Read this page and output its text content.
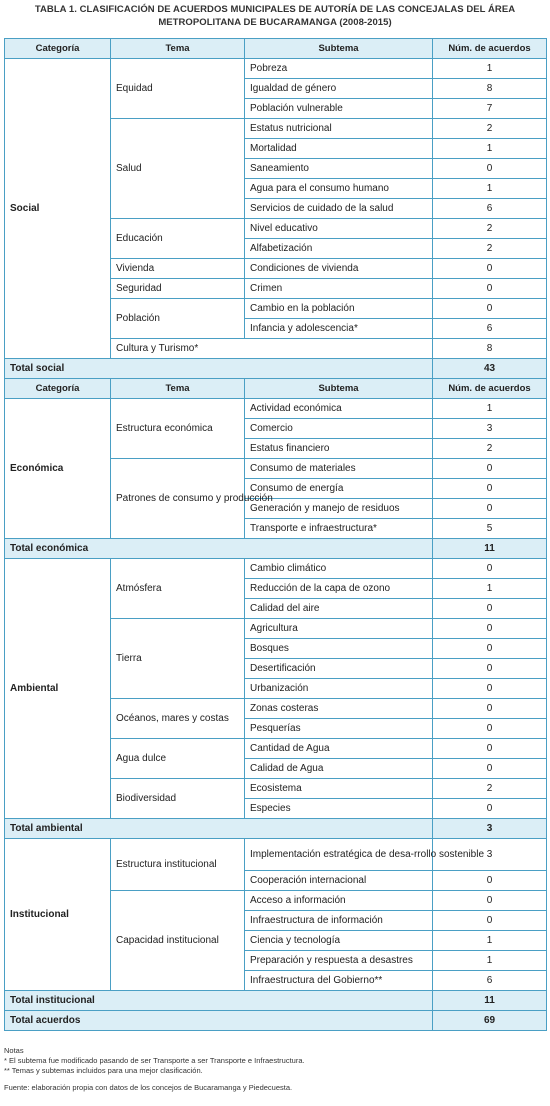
TABLA 1. CLASIFICACIÓN DE ACUERDOS MUNICIPALES DE AUTORÍA DE LAS CONCEJALAS DEL ÁREA
METROPOLITANA DE BUCARAMANGA (2008-2015)
Categoría	Tema	Subtema	Núm. de acuerdos
Social	Equidad	Pobreza	1
		Igualdad de género	8
		Población vulnerable	7
	Salud	Estatus nutricional	2
		Mortalidad	1
		Saneamiento	0
		Agua para el consumo humano	1
		Servicios de cuidado de la salud	6
	Educación	Nivel educativo	2
		Alfabetización	2
	Vivienda	Condiciones de vivienda	0
	Seguridad	Crimen	0
	Población	Cambio en la población	0
		Infancia y adolescencia*	6
	Cultura y Turismo*		8
Total social			43
Categoría	Tema	Subtema	Núm. de acuerdos
Económica	Estructura económica	Actividad económica	1
		Comercio	3
		Estatus financiero	2
	Patrones de consumo y producción	Consumo de materiales	0
		Consumo de energía	0
		Generación y manejo de residuos	0
		Transporte e infraestructura*	5
Total económica			11
Ambiental	Atmósfera	Cambio climático	0
		Reducción de la capa de ozono	1
		Calidad del aire	0
	Tierra	Agricultura	0
		Bosques	0
		Desertificación	0
		Urbanización	0
	Océanos, mares y costas	Zonas costeras	0
		Pesquerías	0
	Agua dulce	Cantidad de Agua	0
		Calidad de Agua	0
	Biodiversidad	Ecosistema	2
		Especies	0
Total ambiental			3
Institucional	Estructura institucional	Implementación estratégica de desa-rrollo sostenible	3
		Cooperación internacional	0
	Capacidad institucional	Acceso a información	0
		Infraestructura de información	0
		Ciencia y tecnología	1
		Preparación y respuesta a desastres	1
		Infraestructura del Gobierno**	6
Total institucional			11
Total acuerdos			69
Notas
* El subtema fue modificado pasando de ser Transporte a ser Transporte e Infraestructura.
** Temas y subtemas incluidos para una mejor clasificación.
Fuente: elaboración propia con datos de los concejos de Bucaramanga y Piedecuesta.
